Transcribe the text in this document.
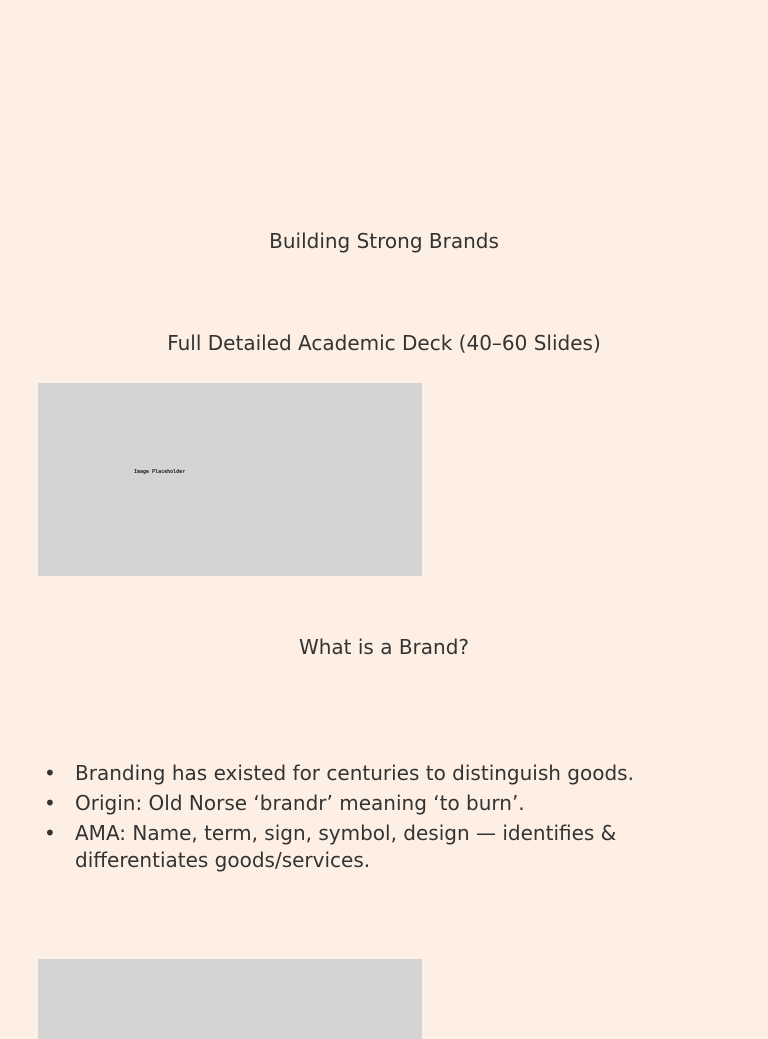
Building Strong Brands
Full Detailed Academic Deck (40–60 Slides)
Image Placeholder
What is a Brand?
• Branding has existed for centuries to distinguish goods.
• Origin: Old Norse ‘brandr’ meaning ‘to burn’.
• AMA: Name, term, sign, symbol, design — identifies & differentiates goods/services.
